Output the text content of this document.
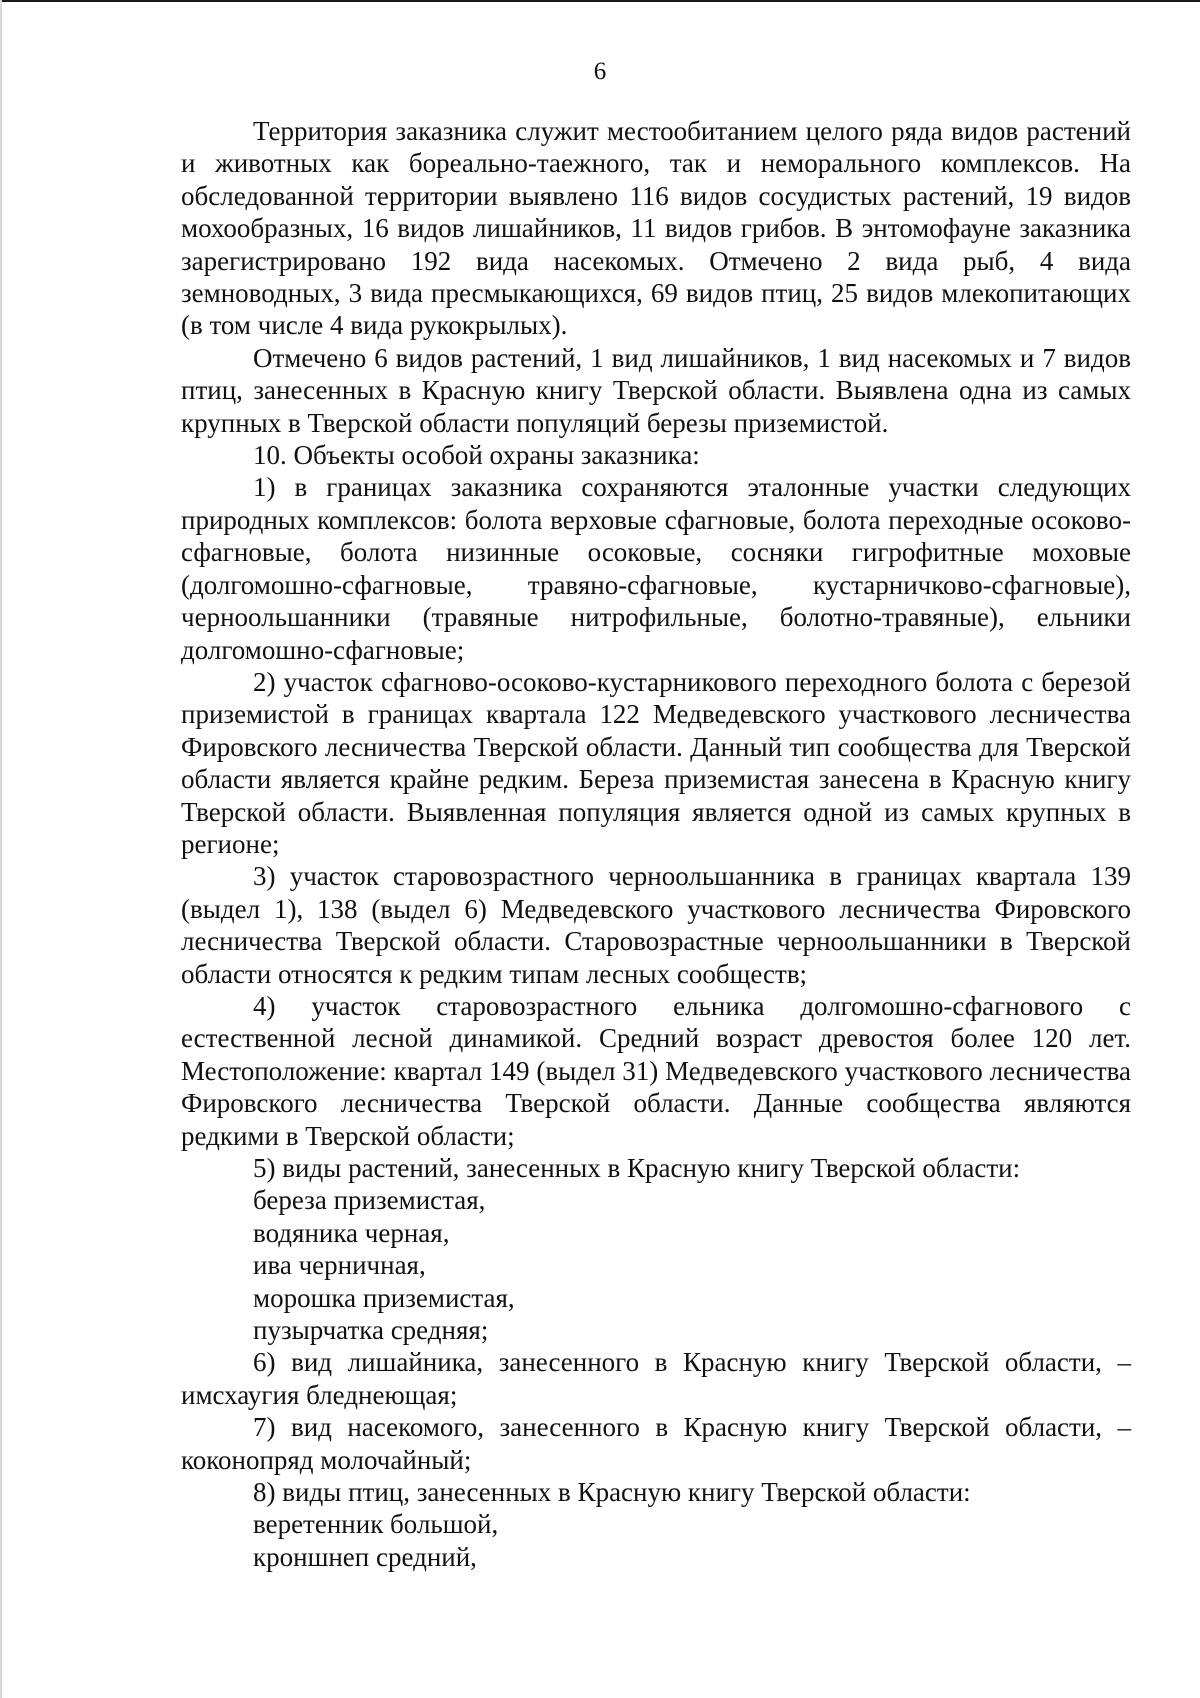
6

Территория заказника служит местообитанием целого ряда видов растений и животных как бореально-таежного, так и неморального комплексов. На обследованной территории выявлено 116 видов сосудистых растений, 19 видов мохообразных, 16 видов лишайников, 11 видов грибов. В энтомофауне заказника зарегистрировано 192 вида насекомых. Отмечено 2 вида рыб, 4 вида земноводных, 3 вида пресмыкающихся, 69 видов птиц, 25 видов млекопитающих (в том числе 4 вида рукокрылых).

Отмечено 6 видов растений, 1 вид лишайников, 1 вид насекомых и 7 видов птиц, занесенных в Красную книгу Тверской области. Выявлена одна из самых крупных в Тверской области популяций березы приземистой.

10. Объекты особой охраны заказника:

1) в границах заказника сохраняются эталонные участки следующих природных комплексов: болота верховые сфагновые, болота переходные осоково-сфагновые, болота низинные осоковые, сосняки гигрофитные моховые (долгомошно-сфагновые, травяно-сфагновые, кустарничково-сфагновые), черноольшанники (травяные нитрофильные, болотно-травяные), ельники долгомошно-сфагновые;

2) участок сфагново-осоково-кустарникового переходного болота с березой приземистой в границах квартала 122 Медведевского участкового лесничества Фировского лесничества Тверской области. Данный тип сообщества для Тверской области является крайне редким. Береза приземистая занесена в Красную книгу Тверской области. Выявленная популяция является одной из самых крупных в регионе;

3) участок старовозрастного черноольшанника в границах квартала 139 (выдел 1), 138 (выдел 6) Медведевского участкового лесничества Фировского лесничества Тверской области. Старовозрастные черноольшанники в Тверской области относятся к редким типам лесных сообществ;

4) участок старовозрастного ельника долгомошно-сфагнового с естественной лесной динамикой. Средний возраст древостоя более 120 лет. Местоположение: квартал 149 (выдел 31) Медведевского участкового лесничества Фировского лесничества Тверской области. Данные сообщества являются редкими в Тверской области;

5) виды растений, занесенных в Красную книгу Тверской области:

береза приземистая,

водяника черная,

ива черничная,

морошка приземистая,

пузырчатка средняя;

6) вид лишайника, занесенного в Красную книгу Тверской области, – имсхаугия бледнеющая;

7) вид насекомого, занесенного в Красную книгу Тверской области, – коконопряд молочайный;

8) виды птиц, занесенных в Красную книгу Тверской области:

веретенник большой,

кроншнеп средний,
